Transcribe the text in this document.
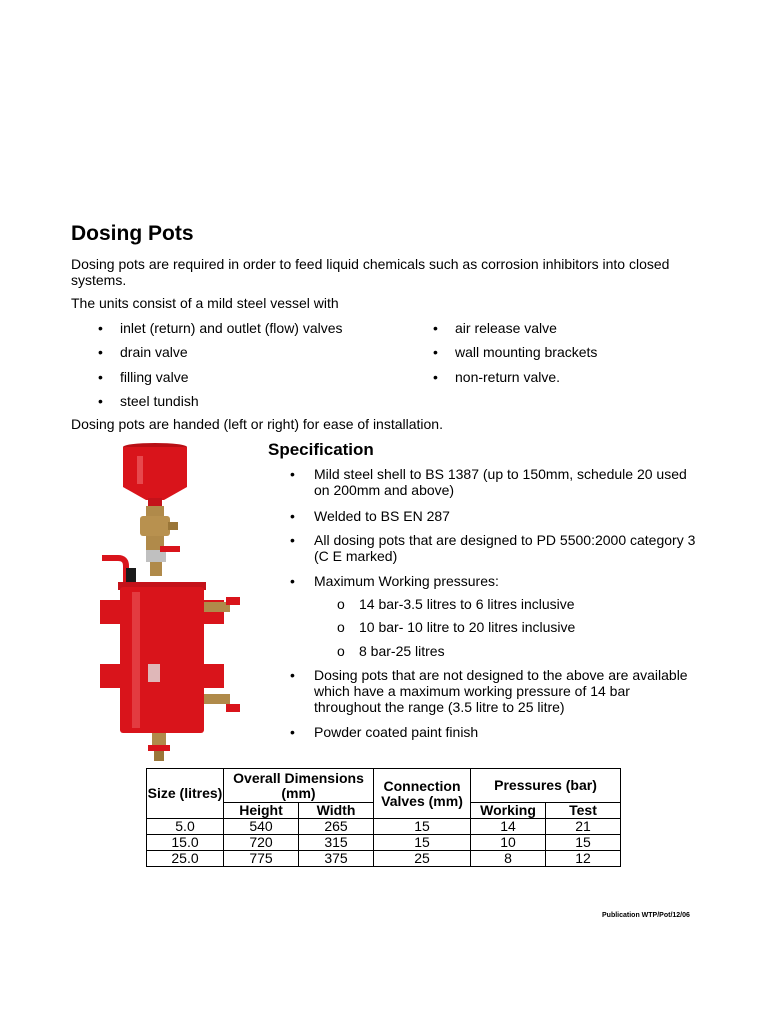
Dosing Pots
Dosing pots are required in order to feed liquid chemicals such as corrosion inhibitors into closed systems.
The units consist of a mild steel vessel with
• inlet (return) and outlet (flow) valves	• air release valve
• drain valve	• wall mounting brackets
• filling valve	• non-return valve.
• steel tundish
Dosing pots are handed (left or right) for ease of installation.
Specification
• Mild steel shell to BS 1387 (up to 150mm, schedule 20 used on 200mm and above)
• Welded to BS EN 287
• All dosing pots that are designed to PD 5500:2000 category 3 (C E marked)
• Maximum Working pressures:
o 14 bar-3.5 litres to 6 litres inclusive
o 10 bar- 10 litre to 20 litres inclusive
o 8 bar-25 litres
• Dosing pots that are not designed to the above are available which have a maximum working pressure of 14 bar throughout the range (3.5 litre to 25 litre)
• Powder coated paint finish
Size (litres)	Overall Dimensions (mm)		Connection Valves (mm)	Pressures (bar)	
	Height	Width		Working	Test
5.0	540	265	15	14	21
15.0	720	315	15	10	15
25.0	775	375	25	8	12
Publication WTP/Pot/12/06
